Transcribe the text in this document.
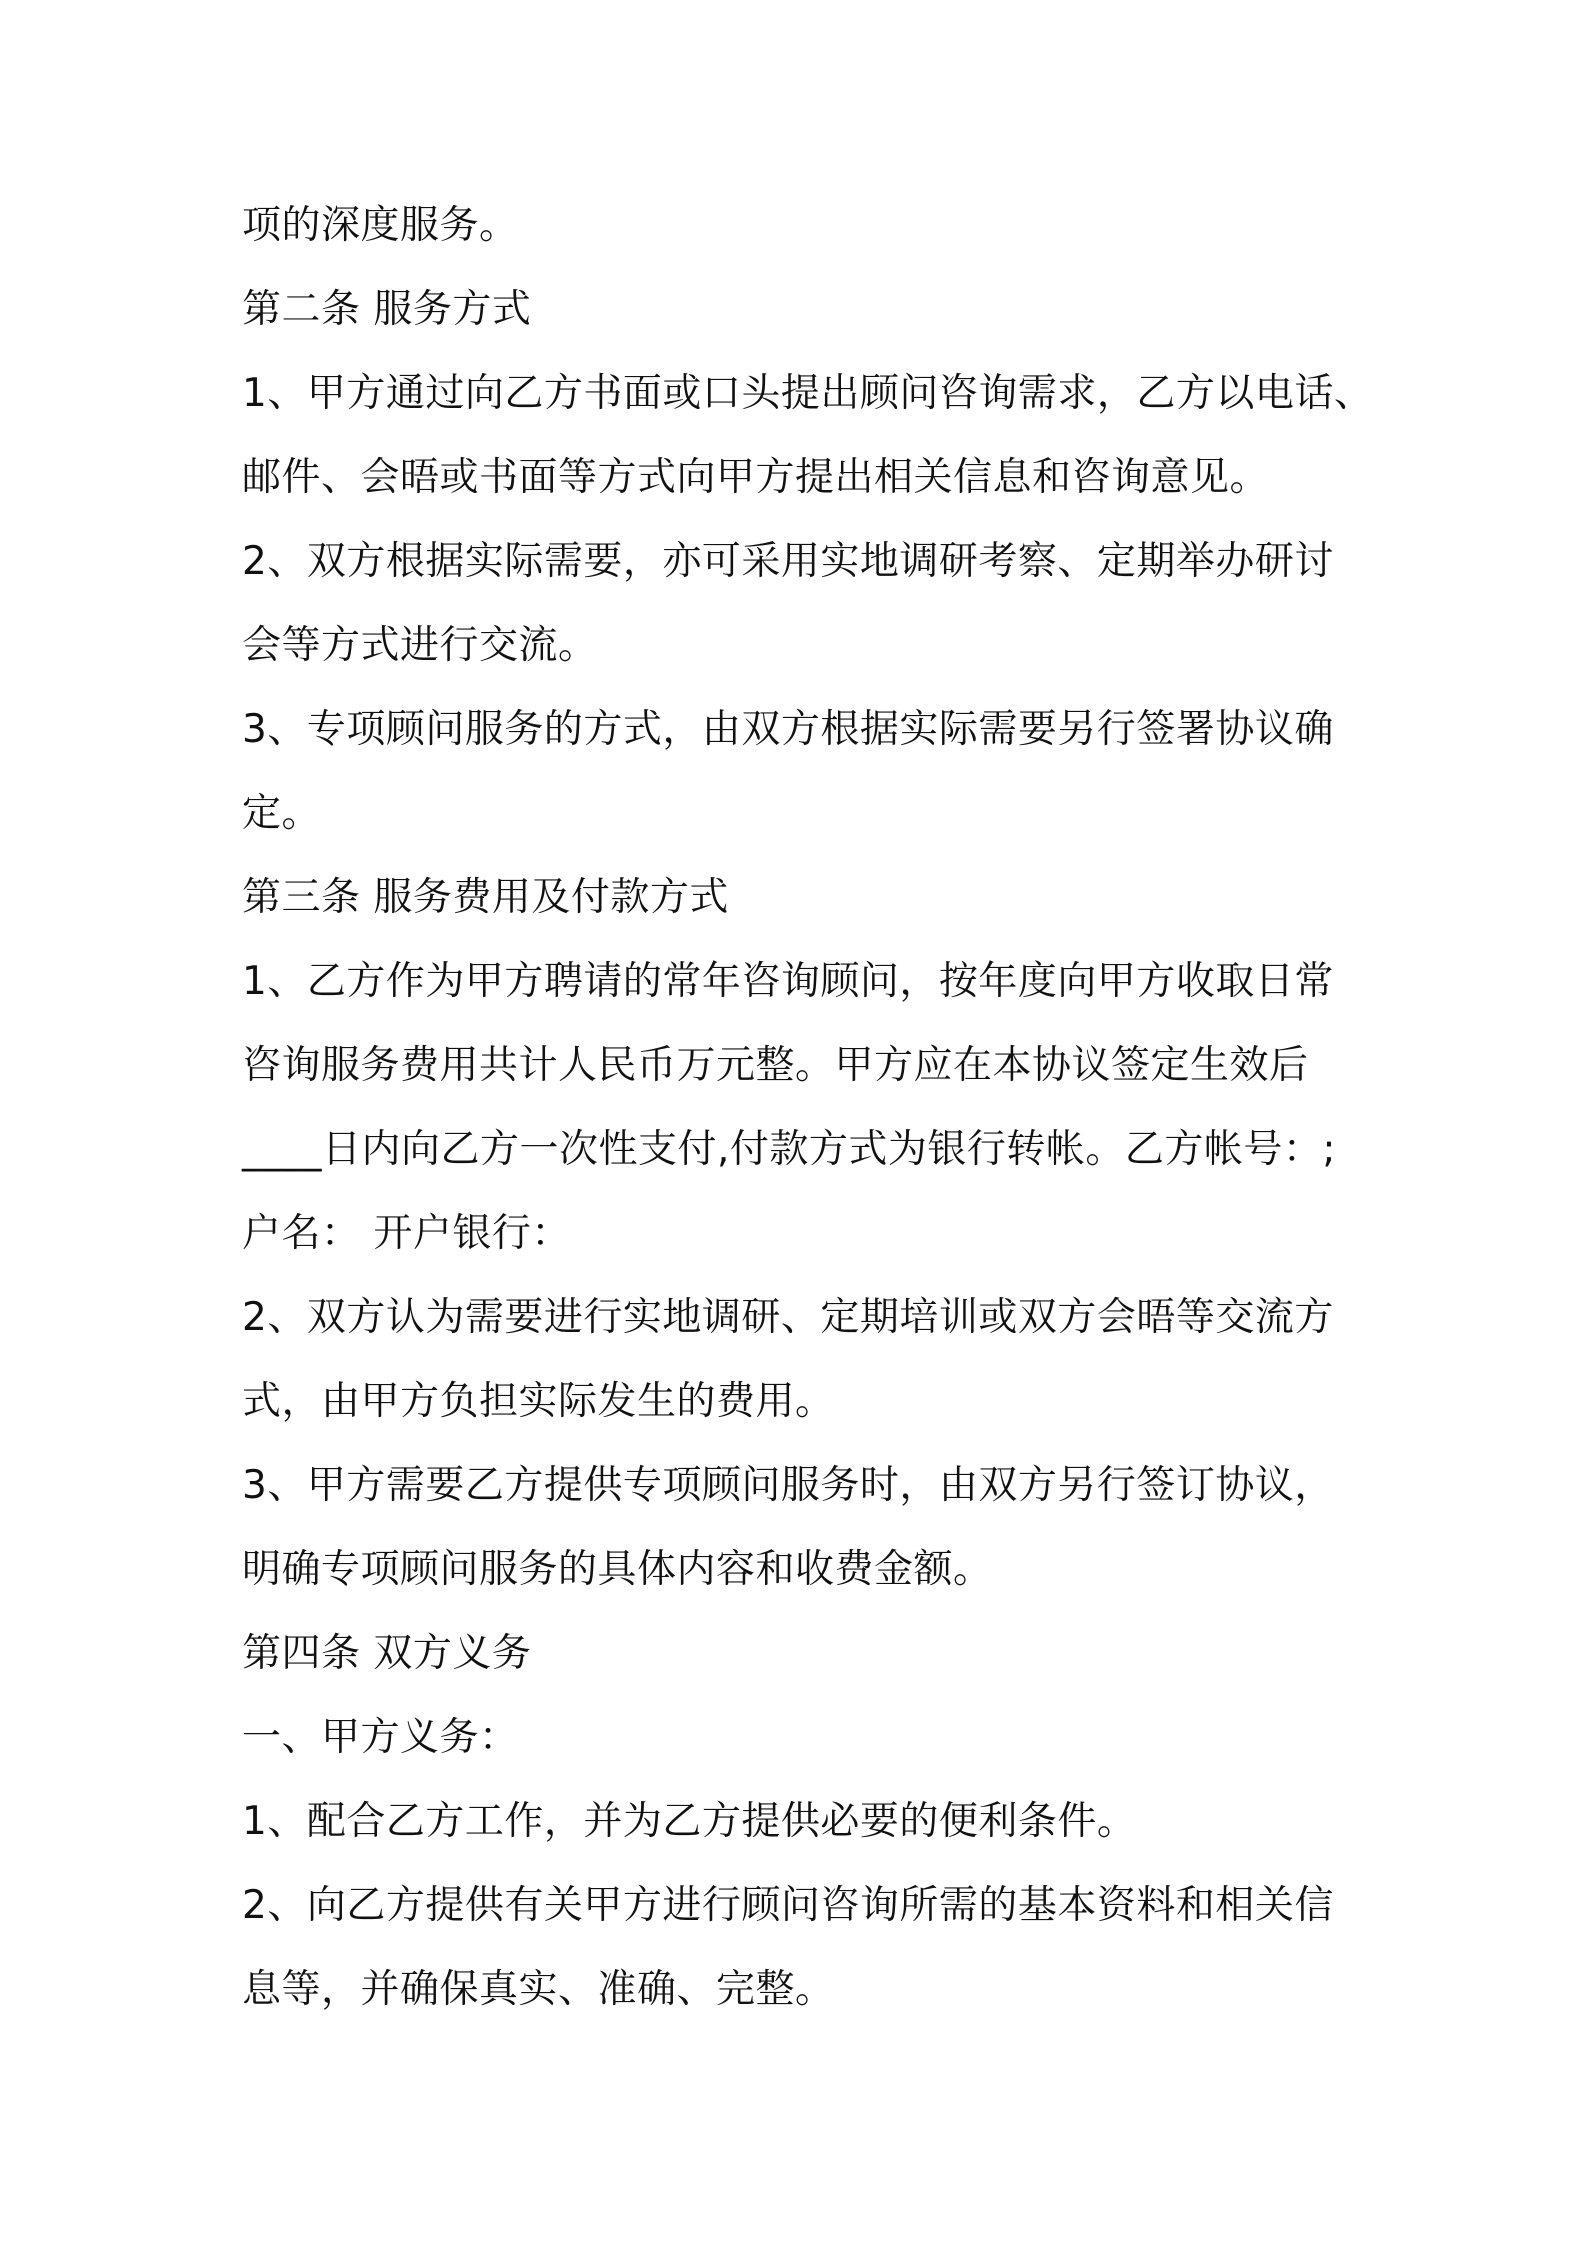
项的深度服务。
第二条 服务方式
1、甲方通过向乙方书面或口头提出顾问咨询需求，乙方以电话、
邮件、会晤或书面等方式向甲方提出相关信息和咨询意见。
2、双方根据实际需要，亦可采用实地调研考察、定期举办研讨
会等方式进行交流。
3、专项顾问服务的方式，由双方根据实际需要另行签署协议确
定。
第三条 服务费用及付款方式
1、乙方作为甲方聘请的常年咨询顾问，按年度向甲方收取日常
咨询服务费用共计人民币万元整。甲方应在本协议签定生效后
____日内向乙方一次性支付,付款方式为银行转帐。乙方帐号：;
户名： 开户银行：
2、双方认为需要进行实地调研、定期培训或双方会晤等交流方
式，由甲方负担实际发生的费用。
3、甲方需要乙方提供专项顾问服务时，由双方另行签订协议，
明确专项顾问服务的具体内容和收费金额。
第四条 双方义务
一、甲方义务：
1、配合乙方工作，并为乙方提供必要的便利条件。
2、向乙方提供有关甲方进行顾问咨询所需的基本资料和相关信
息等，并确保真实、准确、完整。
